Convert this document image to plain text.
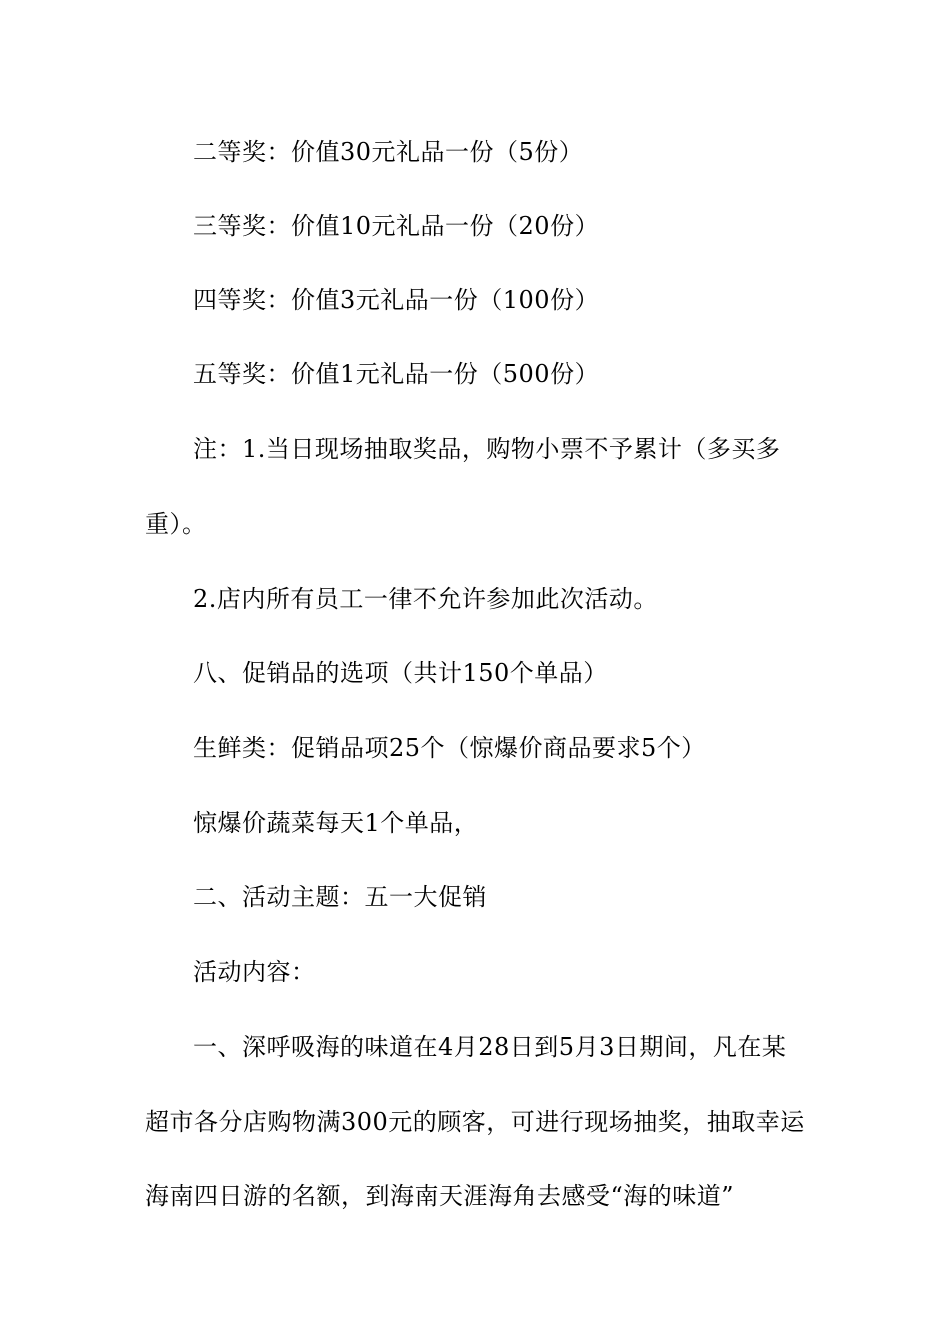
二等奖：价值30元礼品一份（5份）
三等奖：价值10元礼品一份（20份）
四等奖：价值3元礼品一份（100份）
五等奖：价值1元礼品一份（500份）
注：1.当日现场抽取奖品，购物小票不予累计（多买多
重）。
2.店内所有员工一律不允许参加此次活动。
八、促销品的选项（共计150个单品）
生鲜类：促销品项25个（惊爆价商品要求5个）
惊爆价蔬菜每天1个单品，
二、活动主题：五一大促销
活动内容：
一、深呼吸海的味道在4月28日到5月3日期间，凡在某
超市各分店购物满300元的顾客，可进行现场抽奖，抽取幸运
海南四日游的名额，到海南天涯海角去感受“海的味道”
